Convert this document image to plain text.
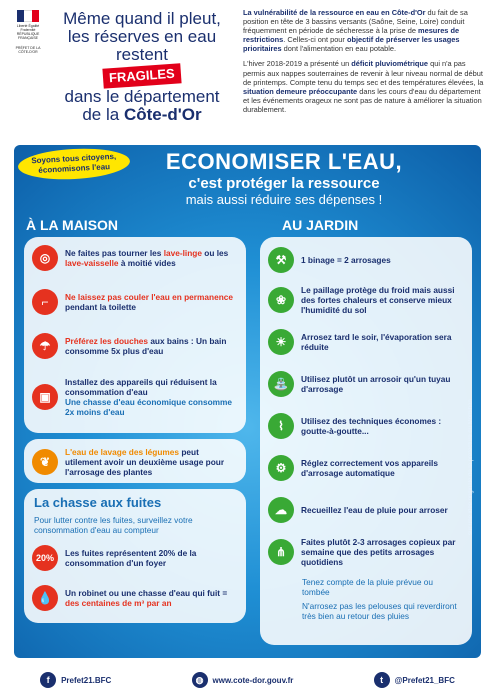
Liberté Égalité Fraternité RÉPUBLIQUE FRANÇAISE
PRÉFET DE LA CÔTE-D'OR
Même quand il pleut,
les réserves en eau
restent
FRAGILES
dans le département
de la Côte-d'Or

La vulnérabilité de la ressource en eau en Côte-d'Or du fait de sa position en tête de 3 bassins versants (Saône, Seine, Loire) conduit fréquemment en période de sécheresse à la prise de mesures de restrictions. Celles-ci ont pour objectif de préserver les usages prioritaires dont l'alimentation en eau potable.

L'hiver 2018-2019 a présenté un déficit pluviométrique qui n'a pas permis aux nappes souterraines de revenir à leur niveau normal de début de printemps. Compte tenu du temps sec et des températures élevées, la situation demeure préoccupante dans les cours d'eau du département et les événements orageux ne sont pas de nature à améliorer la situation durablement.

Soyons tous citoyens,
économisons l'eau	ECONOMISER L'EAU,
c'est protéger la ressource
mais aussi réduire ses dépenses !
À LA MAISON	AU JARDIN
◎	Ne faites pas tourner les lave-linge ou les lave-vaisselle à moitié vides
⌐	Ne laissez pas couler l'eau en permanence pendant la toilette
☂	Préférez les douches aux bains : Un bain consomme 5x plus d'eau
▣
Installez des appareils qui réduisent la consommation d'eau
Une chasse d'eau économique consomme 2x moins d'eau
❦
L'eau de lavage des légumes peut utilement avoir un deuxième usage pour l'arrosage des plantes
La chasse aux fuites
Pour lutter contre les fuites, surveillez votre consommation d'eau au compteur
20%	Les fuites représentent 20% de la consommation d'un foyer
💧	Un robinet ou une chasse d'eau qui fuit = des centaines de m³ par an
⚒	1 binage = 2 arrosages
❀
Le paillage protège du froid mais aussi des fortes chaleurs et conserve mieux l'humidité du sol
☀	Arrosez tard le soir, l'évaporation sera réduite
⛲	Utilisez plutôt un arrosoir qu'un tuyau d'arrosage
⌇	Utilisez des techniques économes : goutte-à-goutte...
⚙	Réglez correctement vos appareils d'arrosage automatique
☁	Recueillez l'eau de pluie pour arroser
⋔
Faites plutôt 2-3 arrosages copieux par semaine que des petits arrosages quotidiens
Tenez compte de la pluie prévue ou tombée
N'arrosez pas les pelouses qui reverdiront très bien au retour des pluies
sur une idée originale de la préfecture du Morbihan
f	Prefet21.BFC	◍	www.cote-dor.gouv.fr	t	@Prefet21_BFC
